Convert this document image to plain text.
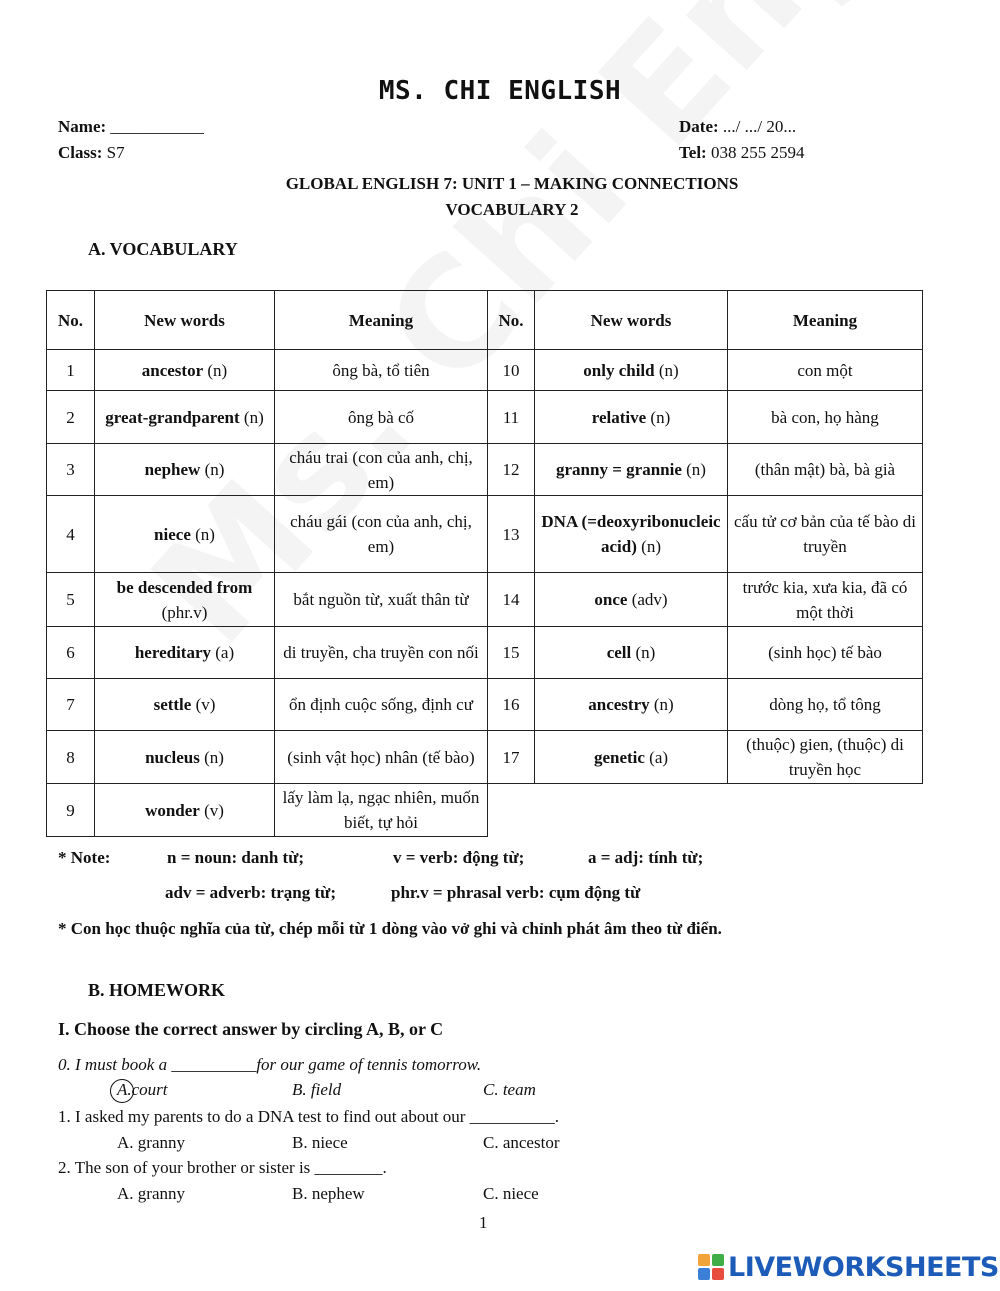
MS. CHI ENGLISH
Name: ___________	Date: .../ .../ 20...
Class: S7	Tel: 038 255 2594
GLOBAL ENGLISH 7: UNIT 1 – MAKING CONNECTIONS
VOCABULARY 2
A. VOCABULARY
No.	New words	Meaning	No.	New words	Meaning
1	ancestor (n)	ông bà, tổ tiên	10	only child (n)	con một
2	great-grandparent (n)	ông bà cố	11	relative (n)	bà con, họ hàng
3	nephew (n)	cháu trai (con của anh, chị, em)	12	granny = grannie (n)	(thân mật) bà, bà già
4	niece (n)	cháu gái (con của anh, chị, em)	13	DNA (=deoxyribonucleic acid) (n)	cấu tử cơ bản của tế bào di truyền
5	be descended from (phr.v)	bắt nguồn từ, xuất thân từ	14	once (adv)	trước kia, xưa kia, đã có một thời
6	hereditary (a)	di truyền, cha truyền con nối	15	cell (n)	(sinh học) tế bào
7	settle (v)	ổn định cuộc sống, định cư	16	ancestry (n)	dòng họ, tổ tông
8	nucleus (n)	(sinh vật học) nhân (tế bào)	17	genetic (a)	(thuộc) gien, (thuộc) di truyền học
9	wonder (v)	lấy làm lạ, ngạc nhiên, muốn biết, tự hỏi			
* Note:	n = noun: danh từ;	v = verb: động từ;	a = adj: tính từ;
adv = adverb: trạng từ;	phr.v = phrasal verb: cụm động từ
* Con học thuộc nghĩa của từ, chép mỗi từ 1 dòng vào vở ghi và chỉnh phát âm theo từ điển.
B. HOMEWORK
I. Choose the correct answer by circling A, B, or C
0. I must book a __________for our game of tennis tomorrow.
A.court	B. field	C. team
1. I asked my parents to do a DNA test to find out about our __________.
A. granny	B. niece	C. ancestor
2. The son of your brother or sister is ________.
A. granny	B. nephew	C. niece
1
LIVEWORKSHEETS
